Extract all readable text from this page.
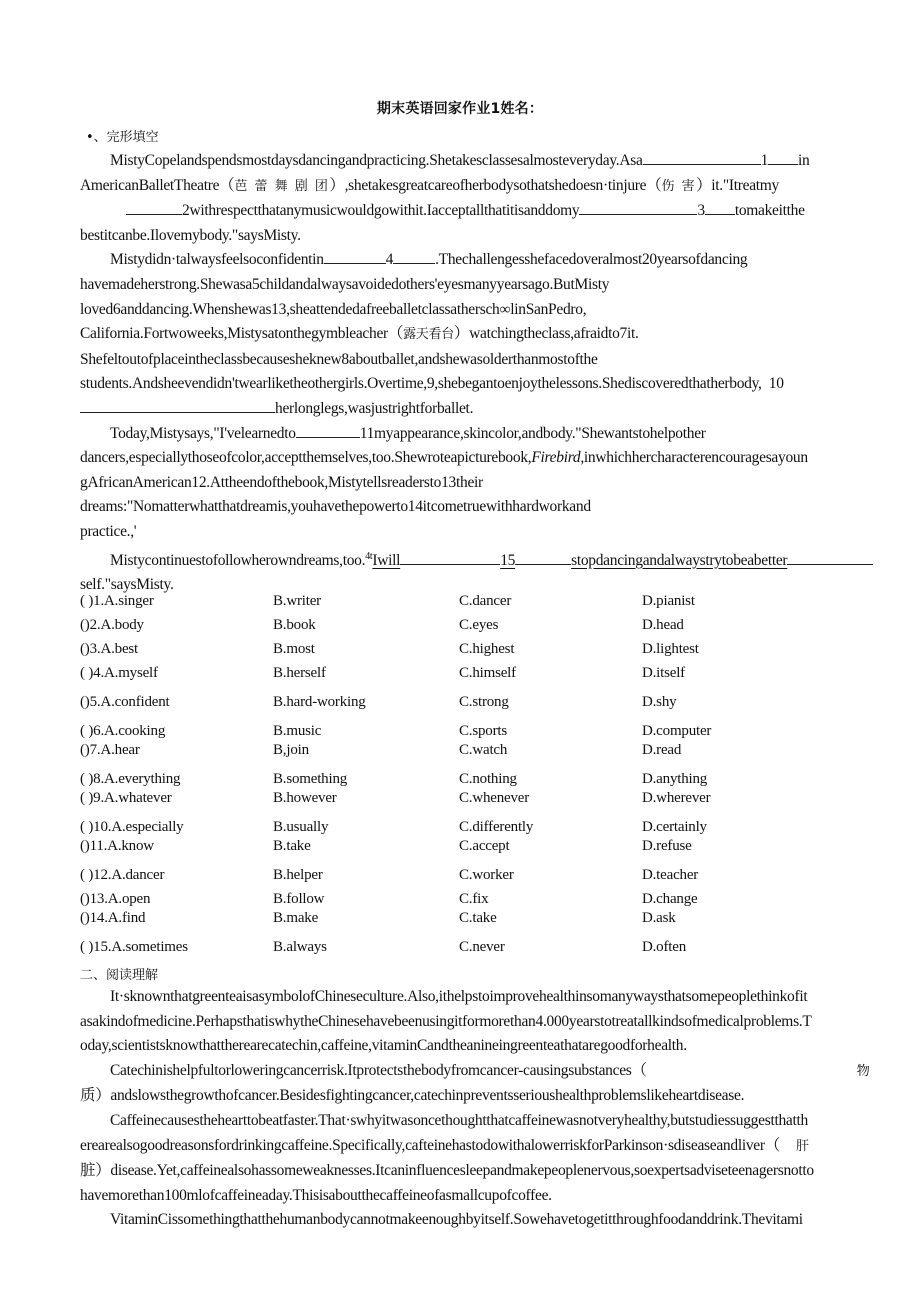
期末英语回家作业1姓名：
•、完形填空
MistyCopelandspendsmostdaysdancingandpracticing.Shetakesclassesalmosteveryday.Asa	1 in
AmericanBalletTheatre（芭 蕾 舞 剧 团）,shetakesgreatcareofherbodysothatshedoesn·tinjure（伤 害）it."Itreatmy
2withrespectthatanymusicwouldgowithit.Iacceptallthatitisanddomy	3 tomakeitthe
bestitcanbe.Ilovemybody."saysMisty.
Mistydidn·talwaysfeelsoconfidentin	4	.Thechallengesshefacedoveralmost20yearsofdancing
havemadeherstrong.Shewasa5childandalwaysavoidedothers'eyesmanyyearsago.ButMisty
loved6anddancing.Whenshewas13,sheattendedafreeballetclassathersch∞linSanPedro,
California.Fortwoweeks,Mistysatonthegymbleacher（露天看台）watchingtheclass,afraidto7it.
Shefeltoutofplaceintheclassbecausesheknew8aboutballet,andshewasolderthanmostofthe
students.Andsheevendidn'twearliketheothergirls.Overtime,9,shebegantoenjoythelessons.Shediscoveredthatherbody, 10
herlonglegs,wasjustrightforballet.
Today,Mistysays,"I'velearnedto	11myappearance,skincolor,andbody."Shewantstohelpother
dancers,especiallythoseofcolor,acceptthemselves,too.Shewroteapicturebook,Firebird,inwhichhercharacterencouragesayoun
gAfricanAmerican12.Attheendofthebook,Mistytellsreadersto13their
dreams:"Nomatterwhatthatdreamis,youhavethepowerto14itcometruewithhardworkand
practice.,'
Mistycontinuestofollowherowndreams,too.$^{4t}$Iwill	15	stopdancingandalwaystrytobeabetter
self."saysMisty.
( ) 1.A.singer	B.writer	C.dancer	D.pianist
() 2.A.body	B.book	C.eyes	D.head
() 3.A.best	B.most	C.highest	D.lightest
( ) 4.A.myself	B.herself	C.himself	D.itself
() 5.A.confident	B.hard-working	C.strong	D.shy
( ) 6.A.cooking	B.music	C.sports	D.computer
() 7.A.hear	B,join	C.watch	D.read
( ) 8.A.everything	B.something	C.nothing	D.anything
( ) 9.A.whatever	B.however	C.whenever	D.wherever
( ) 10.A.especially	B.usually	C.differently	D.certainly
() 11.A.know	B.take	C.accept	D.refuse
( ) 12.A.dancer	B.helper	C.worker	D.teacher
() 13.A.open	B.follow	C.fix	D.change
() 14.A.find	B.make	C.take	D.ask
( ) 15.A.sometimes	B.always	C.never	D.often
二、阅读理解
It·sknownthatgreenteaisasymbolofChineseculture.Also,ithelpstoimprovehealthinsomanywaysthatsomepeoplethinkofit
asakindofmedicine.PerhapsthatiswhytheChinesehavebeenusingitformorethan4.000yearstotreatallkindsofmedicalproblems.T
oday,scientistsknowthattherearecatechin,caffeine,vitaminCandtheanineingreenteathataregoodforhealth.
Catechinishelpfultorloweringcancerrisk.Itprotectsthebodyfromcancer-causingsubstances（	物
质）andslowsthegrowthofcancer.Besidesfightingcancer,catechinpreventsserioushealthproblemslikeheartdisease.
Caffeinecausesthehearttobeatfaster.That·swhyitwasoncethoughtthatcaffeinewasnotveryhealthy,butstudiessuggestthatth
erearealsogoodreasonsfordrinkingcaffeine.Specifically,cafteinehastodowithalowerriskforParkinson·sdiseaseandliver（ 肝
脏）disease.Yet,caffeinealsohassomeweaknesses.Itcaninfluencesleepandmakepeoplenervous,soexpertsadviseteenagersnotto
havemorethan100mlofcaffeineaday.Thisisaboutthecaffeineofasmallcupofcoffee.
VitaminCissomethingthatthehumanbodycannotmakeenoughbyitself.Sowehavetogetitthroughfoodanddrink.Thevitami
